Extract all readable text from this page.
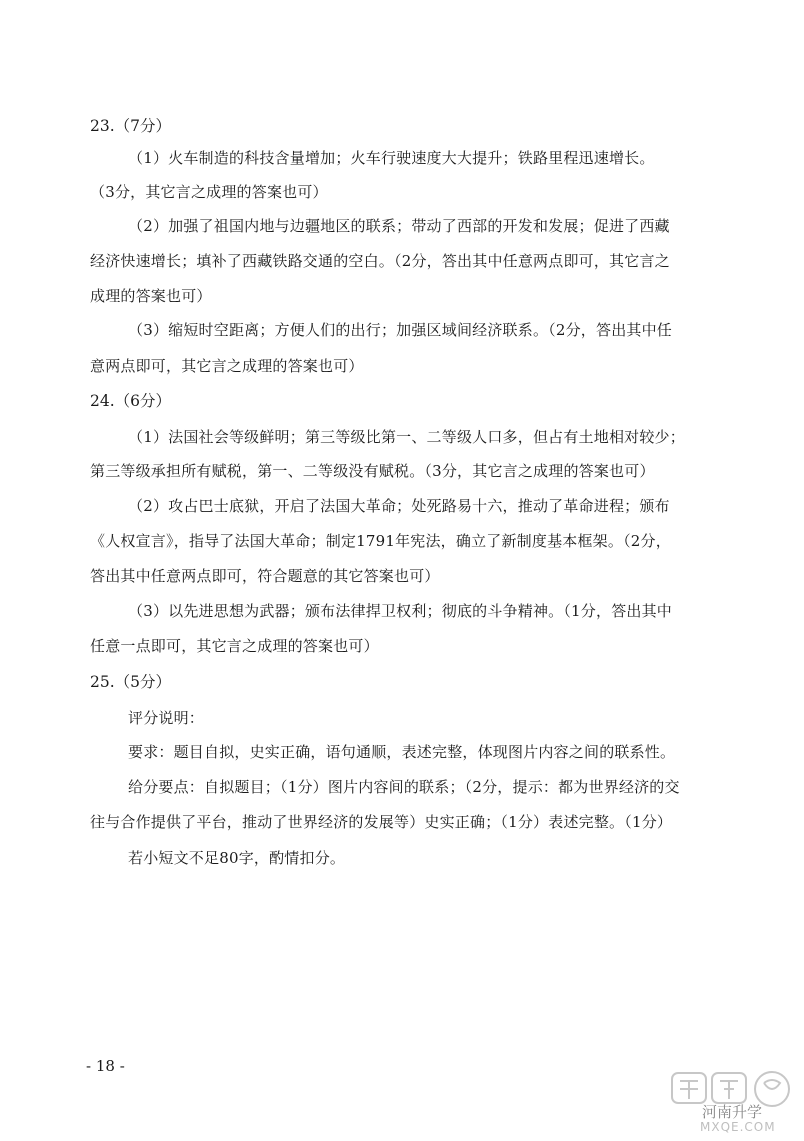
23.（7分）
（1）火车制造的科技含量增加；火车行驶速度大大提升；铁路里程迅速增长。
（3分，其它言之成理的答案也可）
（2）加强了祖国内地与边疆地区的联系；带动了西部的开发和发展；促进了西藏
经济快速增长；填补了西藏铁路交通的空白。（2分，答出其中任意两点即可，其它言之
成理的答案也可）
（3）缩短时空距离；方便人们的出行；加强区域间经济联系。（2分，答出其中任
意两点即可，其它言之成理的答案也可）
24.（6分）
（1）法国社会等级鲜明；第三等级比第一、二等级人口多，但占有土地相对较少；
第三等级承担所有赋税，第一、二等级没有赋税。（3分，其它言之成理的答案也可）
（2）攻占巴士底狱，开启了法国大革命；处死路易十六，推动了革命进程；颁布
《人权宣言》，指导了法国大革命；制定1791年宪法，确立了新制度基本框架。（2分，
答出其中任意两点即可，符合题意的其它答案也可）
（3）以先进思想为武器；颁布法律捍卫权利；彻底的斗争精神。（1分，答出其中
任意一点即可，其它言之成理的答案也可）
25.（5分）
评分说明：
要求：题目自拟，史实正确，语句通顺，表述完整，体现图片内容之间的联系性。
给分要点：自拟题目；（1分）图片内容间的联系；（2分，提示：都为世界经济的交
往与合作提供了平台，推动了世界经济的发展等）史实正确；（1分）表述完整。（1分）
若小短文不足80字，酌情扣分。
- 18 -
河南升学
MXQE.COM
